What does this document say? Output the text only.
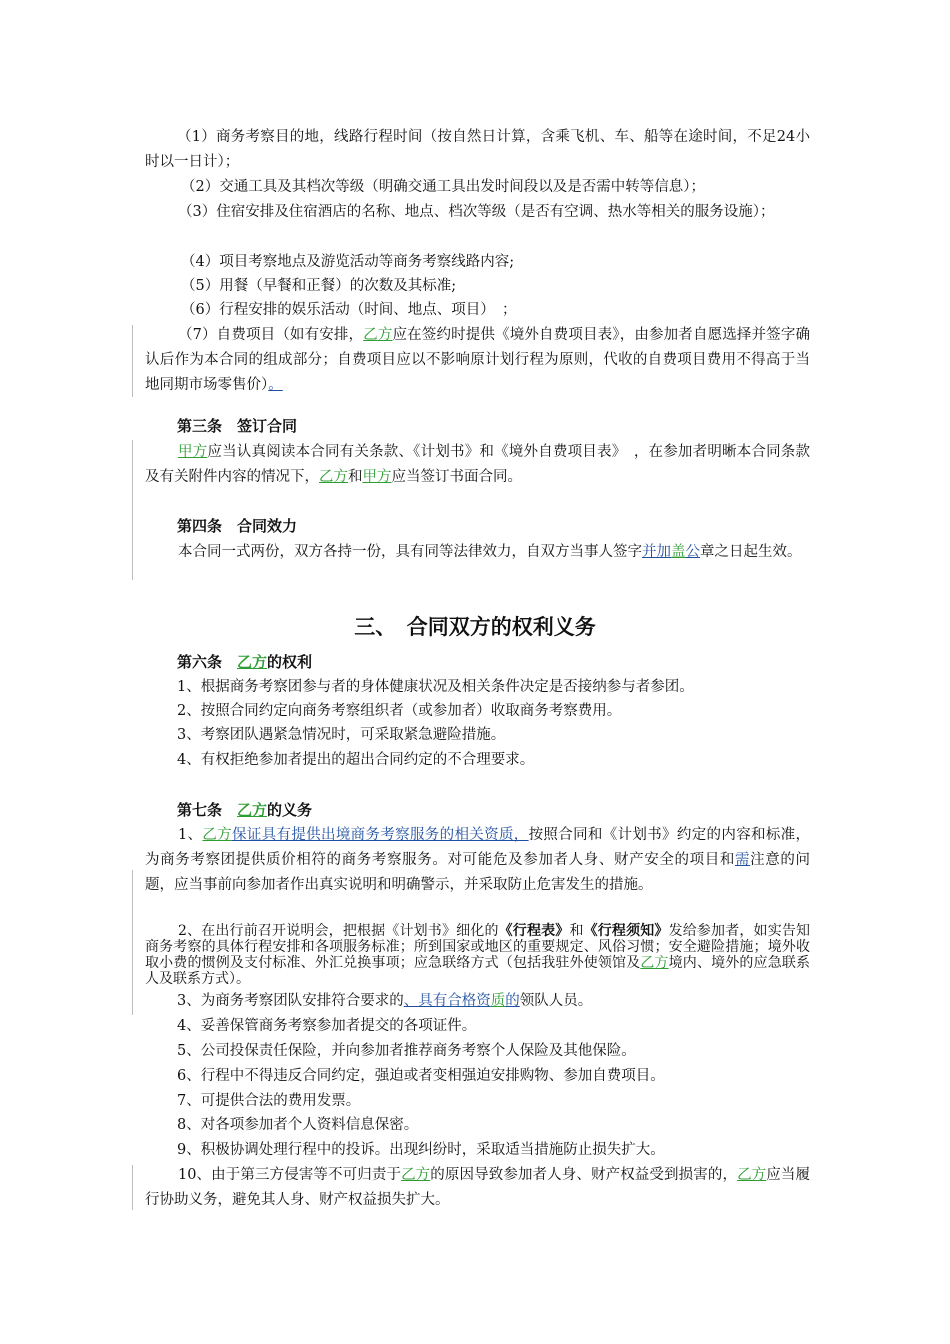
（1）商务考察目的地，线路行程时间（按自然日计算，含乘飞机、车、船等在途时间，不足24小时以一日计）；
（2）交通工具及其档次等级（明确交通工具出发时间段以及是否需中转等信息）；
（3）住宿安排及住宿酒店的名称、地点、档次等级（是否有空调、热水等相关的服务设施）；
（4）项目考察地点及游览活动等商务考察线路内容;
（5）用餐（早餐和正餐）的次数及其标准;
（6）行程安排的娱乐活动（时间、地点、项目）　；
（7）自费项目（如有安排，乙方应在签约时提供《境外自费项目表》，由参加者自愿选择并签字确认后作为本合同的组成部分；自费项目应以不影响原计划行程为原则，代收的自费项目费用不得高于当地同期市场零售价）。
第三条　签订合同
甲方应当认真阅读本合同有关条款、《计划书》和《境外自费项目表》　，在参加者明晰本合同条款及有关附件内容的情况下，乙方和甲方应当签订书面合同。
第四条　合同效力
本合同一式两份，双方各持一份，具有同等法律效力，自双方当事人签字并加盖公章之日起生效。
三、　合同双方的权利义务
第六条　乙方的权利
1、根据商务考察团参与者的身体健康状况及相关条件决定是否接纳参与者参团。
2、按照合同约定向商务考察组织者（或参加者）收取商务考察费用。
3、考察团队遇紧急情况时，可采取紧急避险措施。
4、有权拒绝参加者提出的超出合同约定的不合理要求。
第七条　乙方的义务
1、乙方保证具有提供出境商务考察服务的相关资质，按照合同和《计划书》约定的内容和标准，为商务考察团提供质价相符的商务考察服务。对可能危及参加者人身、财产安全的项目和需注意的问题，应当事前向参加者作出真实说明和明确警示，并采取防止危害发生的措施。
2、在出行前召开说明会，把根据《计划书》细化的《行程表》和《行程须知》发给参加者，如实告知商务考察的具体行程安排和各项服务标准；所到国家或地区的重要规定、风俗习惯；安全避险措施；境外收取小费的惯例及支付标准、外汇兑换事项；应急联络方式（包括我驻外使领馆及乙方境内、境外的应急联系人及联系方式）。
3、为商务考察团队安排符合要求的、具有合格资质的领队人员。
4、妥善保管商务考察参加者提交的各项证件。
5、公司投保责任保险，并向参加者推荐商务考察个人保险及其他保险。
6、行程中不得违反合同约定，强迫或者变相强迫安排购物、参加自费项目。
7、可提供合法的费用发票。
8、对各项参加者个人资料信息保密。
9、积极协调处理行程中的投诉。出现纠纷时，采取适当措施防止损失扩大。
10、由于第三方侵害等不可归责于乙方的原因导致参加者人身、财产权益受到损害的，乙方应当履行协助义务，避免其人身、财产权益损失扩大。
